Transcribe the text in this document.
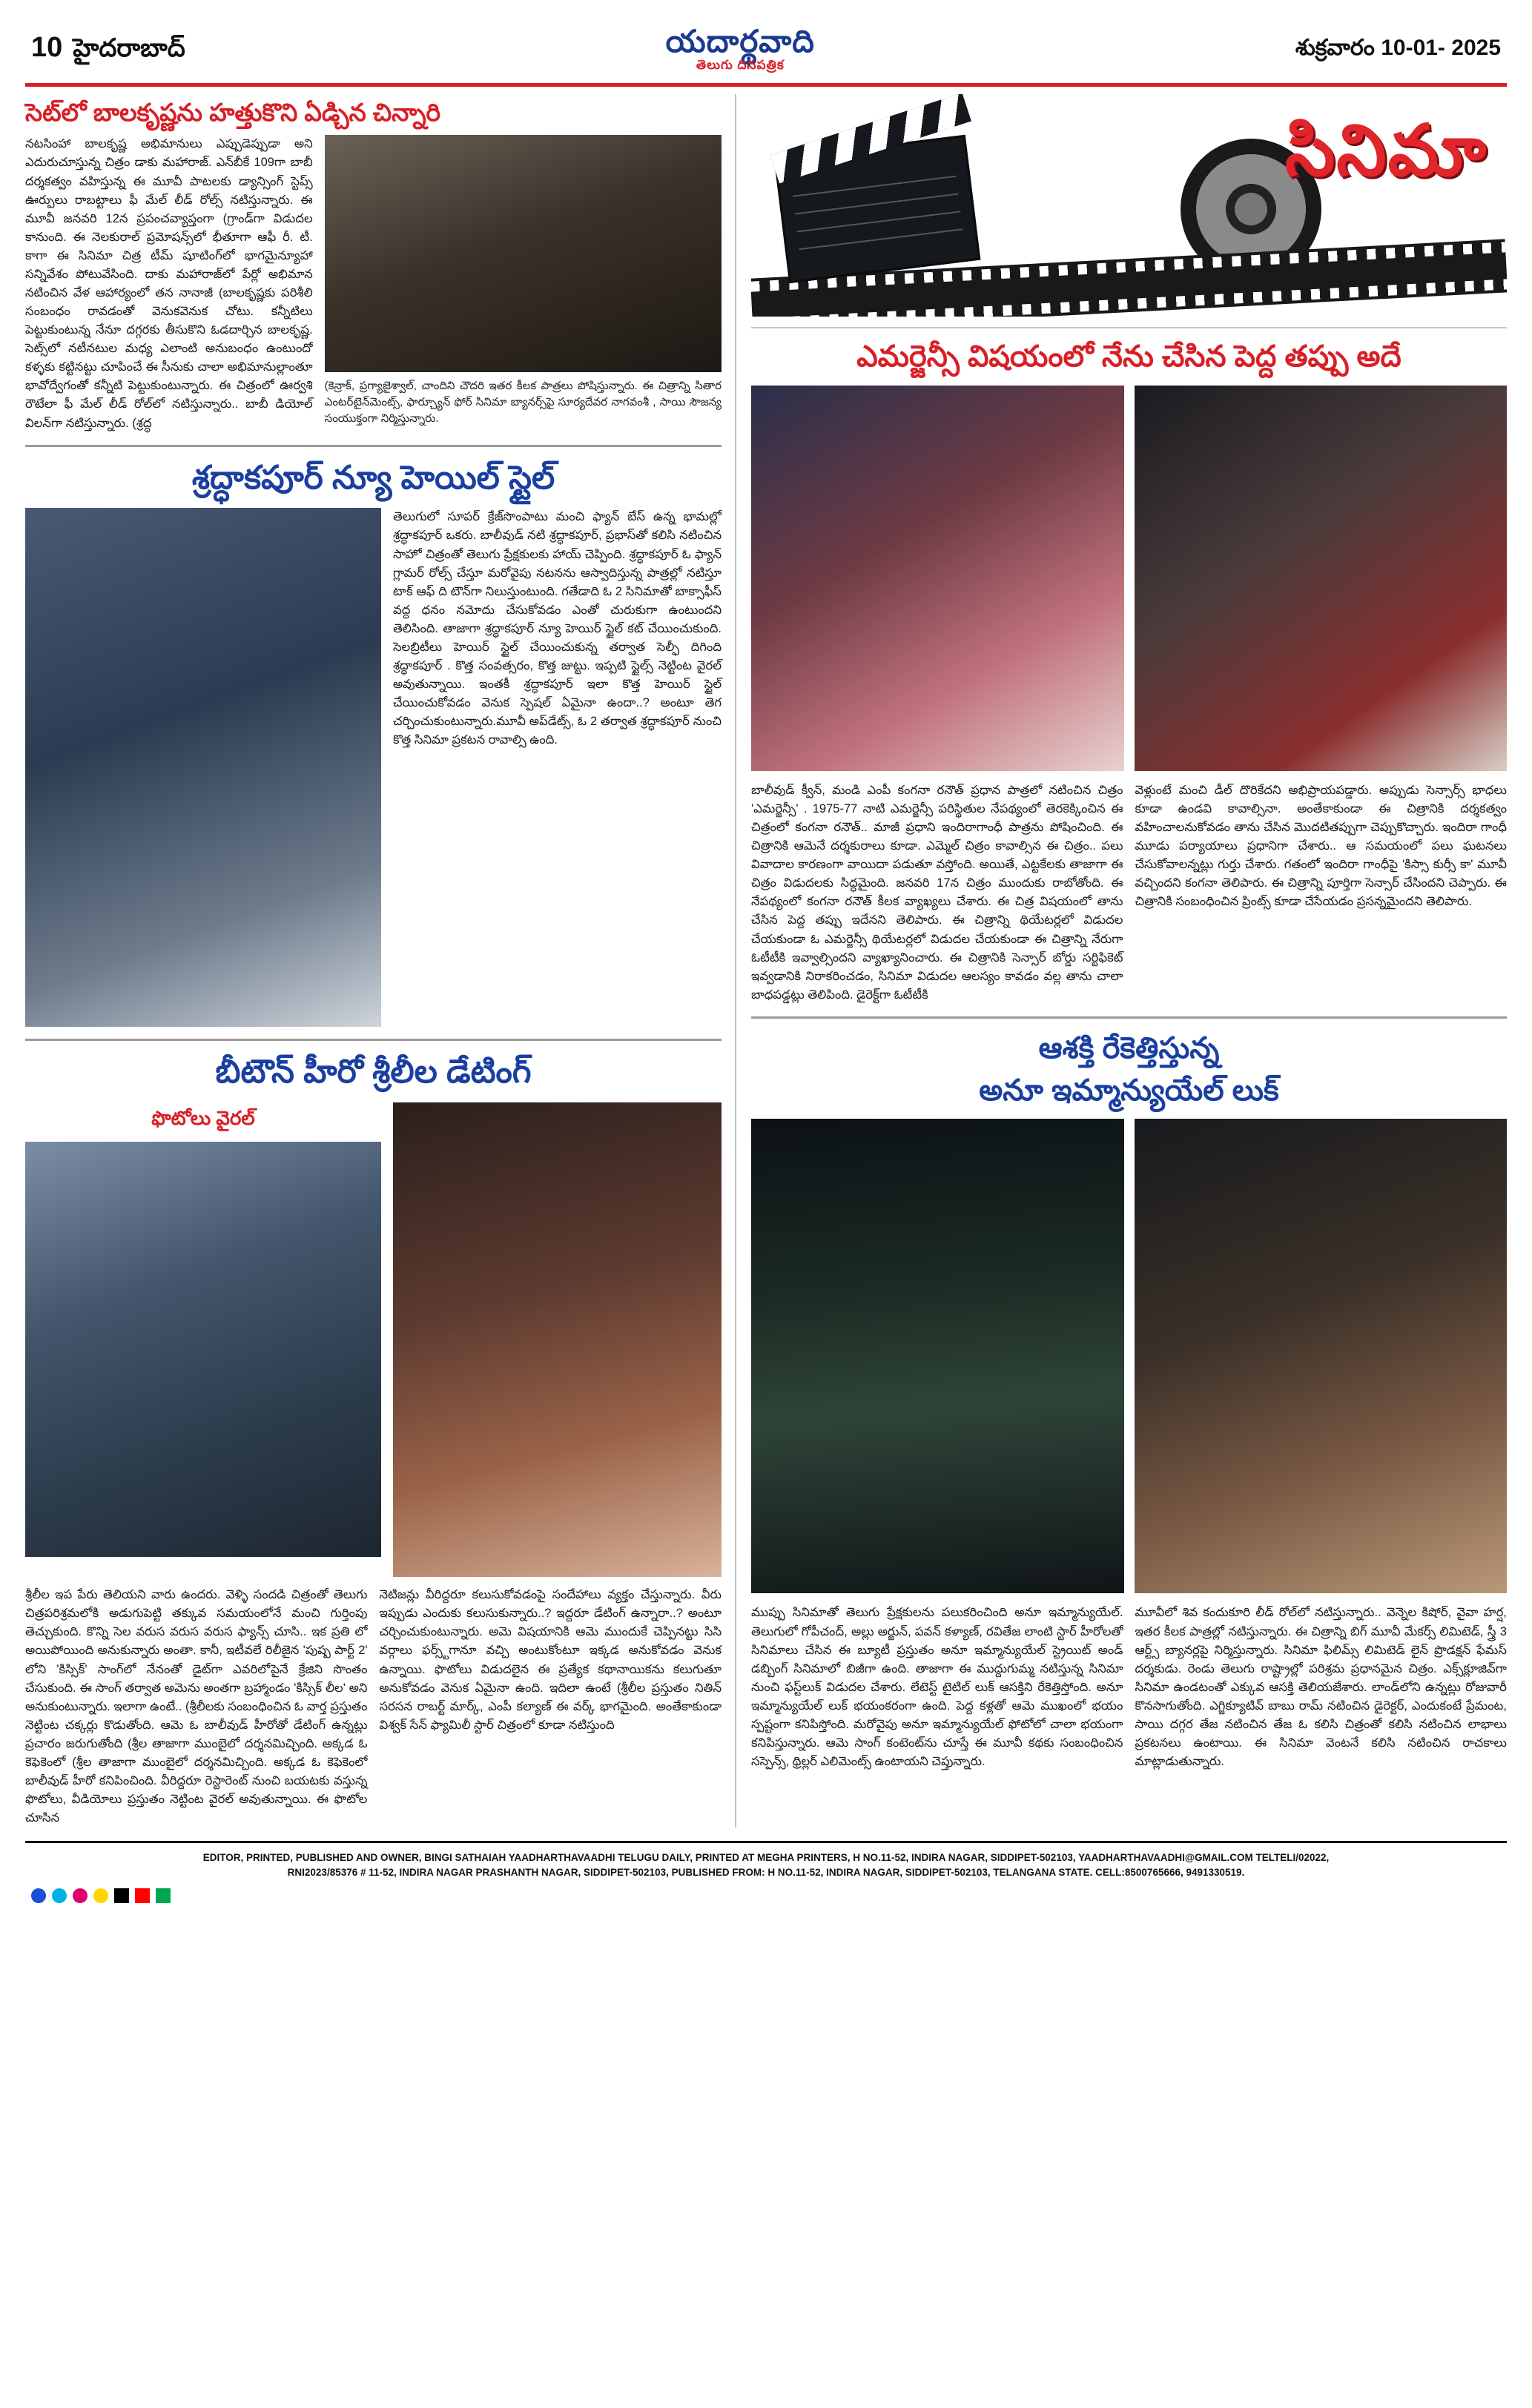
10 హైదరాబాద్	యదార్థవాది
తెలుగు దినపత్రిక
శుక్రవారం 10-01- 2025
సెట్‌లో బాలకృష్ణను హత్తుకొని ఏడ్చిన చిన్నారి
నటసింహా బాలకృష్ణ అభిమానులు ఎప్పుడెప్పుడా అని ఎదురుచూస్తున్న చిత్రం డాకు మహారాజ్. ఎన్‌బీకే 109గా బాబీ దర్శకత్వం వహిస్తున్న ఈ మూవీ పాటలకు డ్యాన్సింగ్ స్టెప్స్ ఊర్పులు రాబట్టాలు ఫీ మేల్ లీడ్ రోల్స్ నటిస్తున్నారు. ఈ మూవీ జనవరి 12న ప్రపంచవ్యాప్తంగా (గ్రాండ్‌గా విడుదల కానుంది. ఈ నెలకురాల్ ప్రమోషన్స్‌లో భీతూగా ఆఫీ రీ. టీ. కాగా ఈ సినిమా చిత్ర టీమ్ షూటింగ్‌లో భాగమైన్యూహా సన్నివేశం పోటువేసింది. దాకు మహారాజ్‌లో పేర్లో అభిమాన నటించిన వేళ ఆహార్యంలో తన నానాజీ (బాలకృష్ణకు పరిశీలి సంబంధం రావడంతో వెనుకవెనుక చోటు. కన్నీటిలు పెట్టుకుంటున్న నేనూ దగ్గరకు తీసుకొని ఓడదార్చిన బాలకృష్ణ. సెట్స్‌లో నటీనటుల మధ్య ఎలాంటి అనుబంధం ఉంటుందో కళ్ళకు కట్టినట్టు చూపించే ఈ సీనుకు చాలా అభిమానుల్లాంతూ భావోద్వేగంతో కన్నీటి పెట్టుకుంటున్నారు. ఈ చిత్రంలో ఊర్వశి రౌటేలా ఫీ మేల్ లీడ్ రోల్‌లో నటిస్తున్నారు.. బాబీ డియోల్ విలన్‌గా నటిస్తున్నారు. (శ్రద్ధ
(కెన్రాక్, ప్రగ్యాజైశ్వాల్, చాందిని చౌదరి ఇతర కీలక పాత్రలు పోషిస్తున్నారు. ఈ చిత్రాన్ని సితార ఎంటర్‌టైన్‌మెంట్స్, ఫార్చ్యూన్ ఫోర్ సినిమా బ్యానర్స్‌పై సూర్యదేవర నాగవంశీ , సాయి సౌజన్య సంయుక్తంగా నిర్మిస్తున్నారు.
శ్రద్ధాకపూర్ న్యూ హెయిల్ స్టైల్
తెలుగులో సూపర్ క్రేజ్‌సొంపాటు మంచి ఫ్యాన్ బేస్ ఉన్న భామల్లో శ్రద్ధాకపూర్ ఒకరు. బాలీవుడ్ నటి శ్రద్ధాకపూర్, ప్రభాస్‌తో కలిసి నటించిన సాహో చిత్రంతో తెలుగు ప్రేక్షకులకు హాయ్ చెప్పింది. శ్రద్ధాకపూర్ ఓ ఫ్యాన్ గ్లామర్ రోల్స్ చేస్తూ మరోవైపు నటనను ఆస్వాదిస్తున్న పాత్రల్లో నటిస్తూ టాక్ ఆఫ్ ది టౌన్‌గా నిలుస్తుంటుంది. గతేడాది ఓ 2 సినిమాతో బాక్సాఫీస్ వద్ద ధనం నమోదు చేసుకోవడం ఎంతో చురుకుగా ఉంటుందని తెలిసింది. తాజాగా శ్రద్ధాకపూర్ న్యూ హెయిర్ స్టైల్ కట్ చేయించుకుంది. సెలబ్రిటీలు హెయిర్ స్టైల్ చేయించుకున్న తర్వాత సెల్ఫీ దిగింది శ్రద్ధాకపూర్ . కొత్త సంవత్సరం, కొత్త జుట్టు. ఇప్పటి స్టైల్స్ నెట్టింట వైరల్ అవుతున్నాయి. ఇంతకీ శ్రద్ధాకపూర్ ఇలా కొత్త హెయిర్ స్టైల్ చేయించుకోవడం వెనుక స్పెషల్ ఏమైనా ఉందా..? అంటూ తెగ చర్చించుకుంటున్నారు.మూవీ అప్‌డేట్స్, ఓ 2 తర్వాత శ్రద్ధాకపూర్ నుంచి కొత్త సినిమా ప్రకటన రావాల్సి ఉంది.
బీటౌన్ హీరో శ్రీలీల డేటింగ్
ఫొటోలు వైరల్
శ్రీలీల ఇప పేరు తెలియని వారు ఉందరు. వెళ్ళి సందడి చిత్రంతో తెలుగు చిత్రపరిశ్రమలోకి అడుగుపెట్టి తక్కువ సమయంలోనే మంచి గుర్తింపు తెచ్చుకుంది. కొన్ని సెల వరుస వరుస వరుస ఫ్యాన్స్ చూసి.. ఇక ప్రతి లో అయిపోయింది అనుకున్నారు అంతా. కానీ, ఇటీవలే రిలీజైన 'పుష్ప పార్ట్ 2' లోని 'కిస్సిక్' సాంగ్‌లో నేనంతో డైట్‌గా ఎవరిలోపైనే క్రేజిని సొంతం చేసుకుంది. ఈ సాంగ్ తర్వాత అమెను అంతగా బ్రహ్మాండం 'కిస్సిక్ లీల' అని అనుకుంటున్నారు. ఇలాగా ఉంటే.. (శ్రీలీలకు సంబంధించిన ఓ వార్త ప్రస్తుతం నెట్టింట చక్కర్లు కొడుతోంది. ఆమె ఓ బాలీవుడ్ హీరోతో డేటింగ్ ఉన్నట్లు ప్రచారం జరుగుతోంది (శ్రీల తాజాగా ముంబైలో దర్శనమిచ్చింది. అక్కడ ఓ కెఫెకెంలో (శ్రీల తాజాగా ముంబైలో దర్శనమిచ్చింది. అక్కడ ఓ కెఫెకెంలో బాలీవుడ్ హీరో కనిపించింది. వీరిద్దరూ రెస్టారెంట్ నుంచి బయటకు వస్తున్న ఫొటోలు, వీడియోలు ప్రస్తుతం నెట్టింట వైరల్ అవుతున్నాయి. ఈ ఫొటోల చూసిన
నెటిజన్లు వీరిద్దరూ కలుసుకోవడంపై సందేహాలు వ్యక్తం చేస్తున్నారు. వీరు ఇప్పుడు ఎందుకు కలుసుకున్నారు..? ఇద్దరూ డేటింగ్ ఉన్నారా..? అంటూ చర్చించుకుంటున్నారు. అమె విషయానికి ఆమె ముందుకే చెప్పినట్టు సిసి వర్గాలు ఫర్స్ట్‌గానూ వచ్చి అంటుకోంటూ ఇక్కడ అనుకోవడం వెనుక ఉన్నాయి. ఫొటోలు విడుదలైన ఈ ప్రత్యేక కథానాయికను కలుగుతూ అనుకోవడం వెనుక ఏమైనా ఉంది. ఇదిలా ఉంటే (శ్రీలీల ప్రస్తుతం నితిన్ సరసన రాబర్ట్ మార్క్, ఎంపీ కల్యాణ్ ఈ వర్క్ భాగమైంది. అంతేకాకుండా విశ్వక్ సేన్ ఫ్యామిలీ స్టార్ చిత్రంలో కూడా నటిస్తుంది
సినిమా
ఎమర్జెన్సీ విషయంలో నేను చేసిన పెద్ద తప్పు అదే
బాలీవుడ్ క్వీన్, మండి ఎంపీ కంగనా రనౌత్ ప్రధాన పాత్రలో నటించిన చిత్రం 'ఎమర్జెన్సీ' . 1975-77 నాటి ఎమర్జెన్సీ పరిస్థితుల నేపథ్యంలో తెరకెక్కించిన ఈ చిత్రంలో కంగనా రనౌత్.. మాజీ ప్రధాని ఇందిరాగాంధీ పాత్రను పోషించింది. ఈ చిత్రానికి ఆమెనే దర్శకురాలు కూడా. ఎమ్మెల్ చిత్రం కావాల్సిన ఈ చిత్రం.. పలు వివాదాల కారణంగా వాయిదా పడుతూ వస్తోంది. అయితే, ఎట్టకేలకు తాజాగా ఈ చిత్రం విడుదలకు సిద్ధమైంది. జనవరి 17న చిత్రం ముందుకు రాబోతోంది. ఈ నేపథ్యంలో కంగనా రనౌత్ కీలక వ్యాఖ్యలు చేశారు. ఈ చిత్ర విషయంలో తాను చేసిన పెద్ద తప్పు ఇదేనని తెలిపారు. ఈ చిత్రాన్ని థియేటర్లలో విడుదల చేయకుండా ఓ ఎమర్జెన్సీ థియేటర్లలో విడుదల చేయకుండా ఈ చిత్రాన్ని నేరుగా ఓటీటీకి ఇవ్వాల్సిందని వ్యాఖ్యానించారు. ఈ చిత్రానికి సెన్సార్ బోర్డు సర్టిఫికెట్ ఇవ్వడానికి నిరాకరించడం, సినిమా విడుదల ఆలస్యం కావడం వల్ల తాను చాలా బాధపడ్డట్లు తెలిపింది. డైరెక్ట్‌గా ఓటీటీకి
వెళ్లుంటే మంచి డీల్ దొరికేదని అభిప్రాయపడ్డారు. అప్పుడు సెన్సార్స్ భాధలు కూడా ఉండవి కావాల్సినా. అంతేకాకుండా ఈ చిత్రానికి దర్శకత్వం వహించాలనుకోవడం తాను చేసిన మొదటితప్పుగా చెప్పుకొచ్చారు. ఇందిరా గాంధీ మూడు పర్యాయాలు ప్రధానిగా చేశారు.. ఆ సమయంలో పలు ఘటనలు చేసుకోవాలన్నట్లు గుర్తు చేశారు. గతంలో ఇందిరా గాంధీపై 'కిస్సా కుర్సీ కా' మూవీ వచ్చిందని కంగనా తెలిపారు. ఈ చిత్రాన్ని పూర్తిగా సెన్సార్ చేసిందని చెప్పారు. ఈ చిత్రానికి సంబంధించిన ప్రింట్స్ కూడా చేసేయడం ప్రసన్నమైందని తెలిపారు.
ఆశక్తి రేకెత్తిస్తున్న
అనూ ఇమ్మాన్యుయేల్ లుక్
ముప్పు సినిమాతో తెలుగు ప్రేక్షకులను పలుకరించింది అనూ ఇమ్మాన్యుయేల్. తెలుగులో గోపీచంద్, అల్లు అర్జున్, పవన్ కళ్యాణ్, రవితేజ లాంటి స్టార్ హీరోలతో సినిమాలు చేసిన ఈ బ్యూటీ ప్రస్తుతం అనూ ఇమ్మాన్యుయేల్ స్ట్రెయిట్ అండ్ డబ్బింగ్ సినిమాలో బిజీగా ఉంది. తాజాగా ఈ ముద్దుగుమ్మ నటిస్తున్న సినిమా నుంచి ఫస్ట్‌లుక్ విడుదల చేశారు. లేటెస్ట్ టైటిల్ లుక్ ఆసక్తిని రేకెత్తిస్తోంది. అనూ ఇమ్మాన్యుయేల్ లుక్ భయంకరంగా ఉంది. పెద్ద కళ్లతో ఆమె ముఖంలో భయం స్పష్టంగా కనిపిస్తోంది. మరోవైపు అనూ ఇమ్మాన్యుయేల్ ఫోటోలో చాలా భయంగా కనిపిస్తున్నారు. ఆమె సాంగ్ కంటెంట్‌ను చూస్తే ఈ మూవీ కథకు సంబంధించిన సస్పెన్స్, థ్రిల్లర్ ఎలిమెంట్స్ ఉంటాయని చెప్తున్నారు.
మూవీలో శివ కందుకూరి లీడ్ రోల్‌లో నటిస్తున్నారు.. వెన్నెల కిషోర్, వైవా హర్ష, ఇతర కీలక పాత్రల్లో నటిస్తున్నారు. ఈ చిత్రాన్ని బిగ్ మూవీ మేకర్స్ లిమిటెడ్, స్త్రీ 3 ఆర్ట్స్ బ్యానర్లపై నిర్మిస్తున్నారు. సినిమా ఫిలిమ్స్ లిమిటెడ్ లైన్ ప్రొడక్షన్ ఫేమస్ దర్శకుడు. రెండు తెలుగు రాష్ట్రాల్లో పరిశ్రమ ప్రధానమైన చిత్రం. ఎక్స్‌క్లూజివ్‌గా సినిమా ఉండటంతో ఎక్కువ ఆసక్తి తెలియజేశారు. లాండ్‌లోని ఉన్నట్లు రోజువారీ కొనసాగుతోంది. ఎగ్జిక్యూటివ్ బాబు రామ్ నటించిన డైరెక్టర్, ఎందుకంటే ప్రేమంట, సాయి దగ్గర తేజ నటించిన తేజ ఓ కలిసి చిత్రంతో కలిసి నటించిన లాభాలు ప్రకటనలు ఉంటాయి. ఈ సినిమా వెంటనే కలిసి నటించిన రాచకాలు మాట్లాడుతున్నారు.
EDITOR, PRINTED, PUBLISHED AND OWNER, BINGI SATHAIAH YAADHARTHAVAADHI TELUGU DAILY, PRINTED AT MEGHA PRINTERS, H NO.11-52, INDIRA NAGAR, SIDDIPET-502103, YAADHARTHAVAADHI@GMAIL.COM TELTELI/02022,
RNI2023/85376 # 11-52, INDIRA NAGAR PRASHANTH NAGAR, SIDDIPET-502103, PUBLISHED FROM: H NO.11-52, INDIRA NAGAR, SIDDIPET-502103, TELANGANA STATE. CELL:8500765666, 9491330519.
